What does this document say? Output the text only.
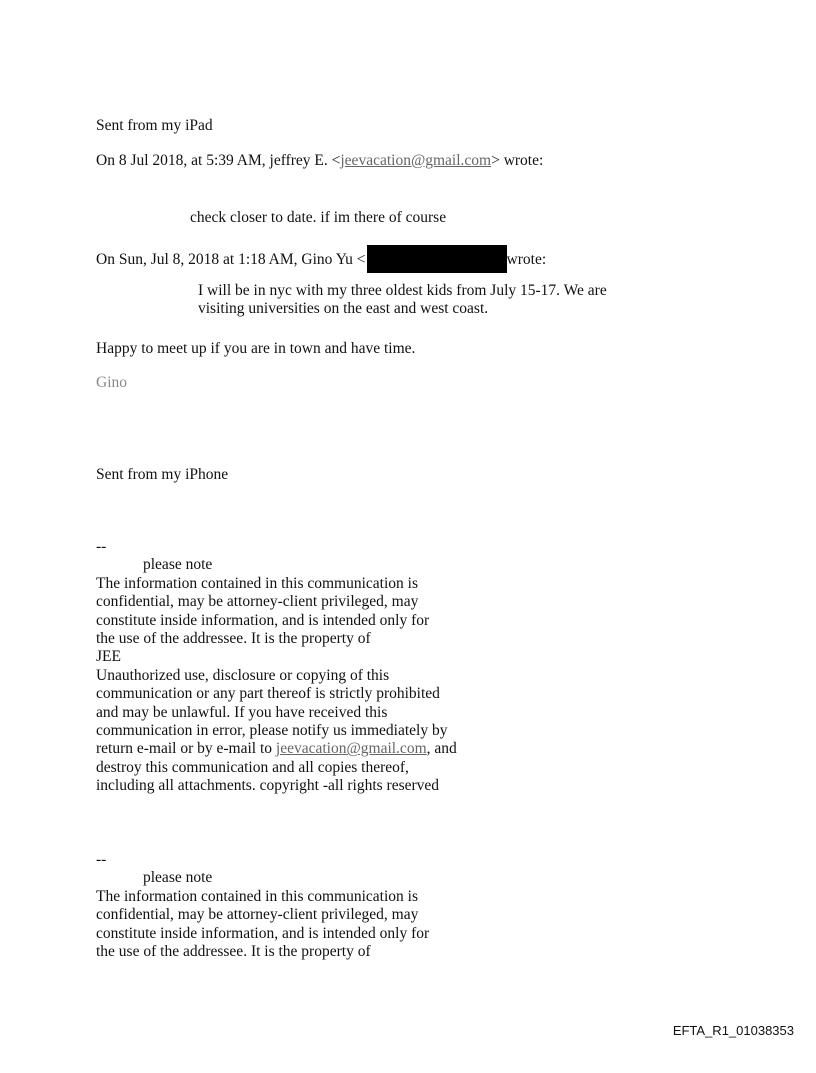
Sent from my iPad
On 8 Jul 2018, at 5:39 AM, jeffrey E. <jeevacation@gmail.com> wrote:
check closer to date. if im there of course
On Sun, Jul 8, 2018 at 1:18 AM, Gino Yu <	wrote:
I will be in nyc with my three oldest kids from July 15-17. We are
visiting universities on the east and west coast.
Happy to meet up if you are in town and have time.
Gino
Sent from my iPhone
--
please note
The information contained in this communication is
confidential, may be attorney-client privileged, may
constitute inside information, and is intended only for
the use of the addressee. It is the property of
JEE
Unauthorized use, disclosure or copying of this
communication or any part thereof is strictly prohibited
and may be unlawful. If you have received this
communication in error, please notify us immediately by
return e-mail or by e-mail to jeevacation@gmail.com, and
destroy this communication and all copies thereof,
including all attachments. copyright -all rights reserved
--
please note
The information contained in this communication is
confidential, may be attorney-client privileged, may
constitute inside information, and is intended only for
the use of the addressee. It is the property of
EFTA_R1_01038353
